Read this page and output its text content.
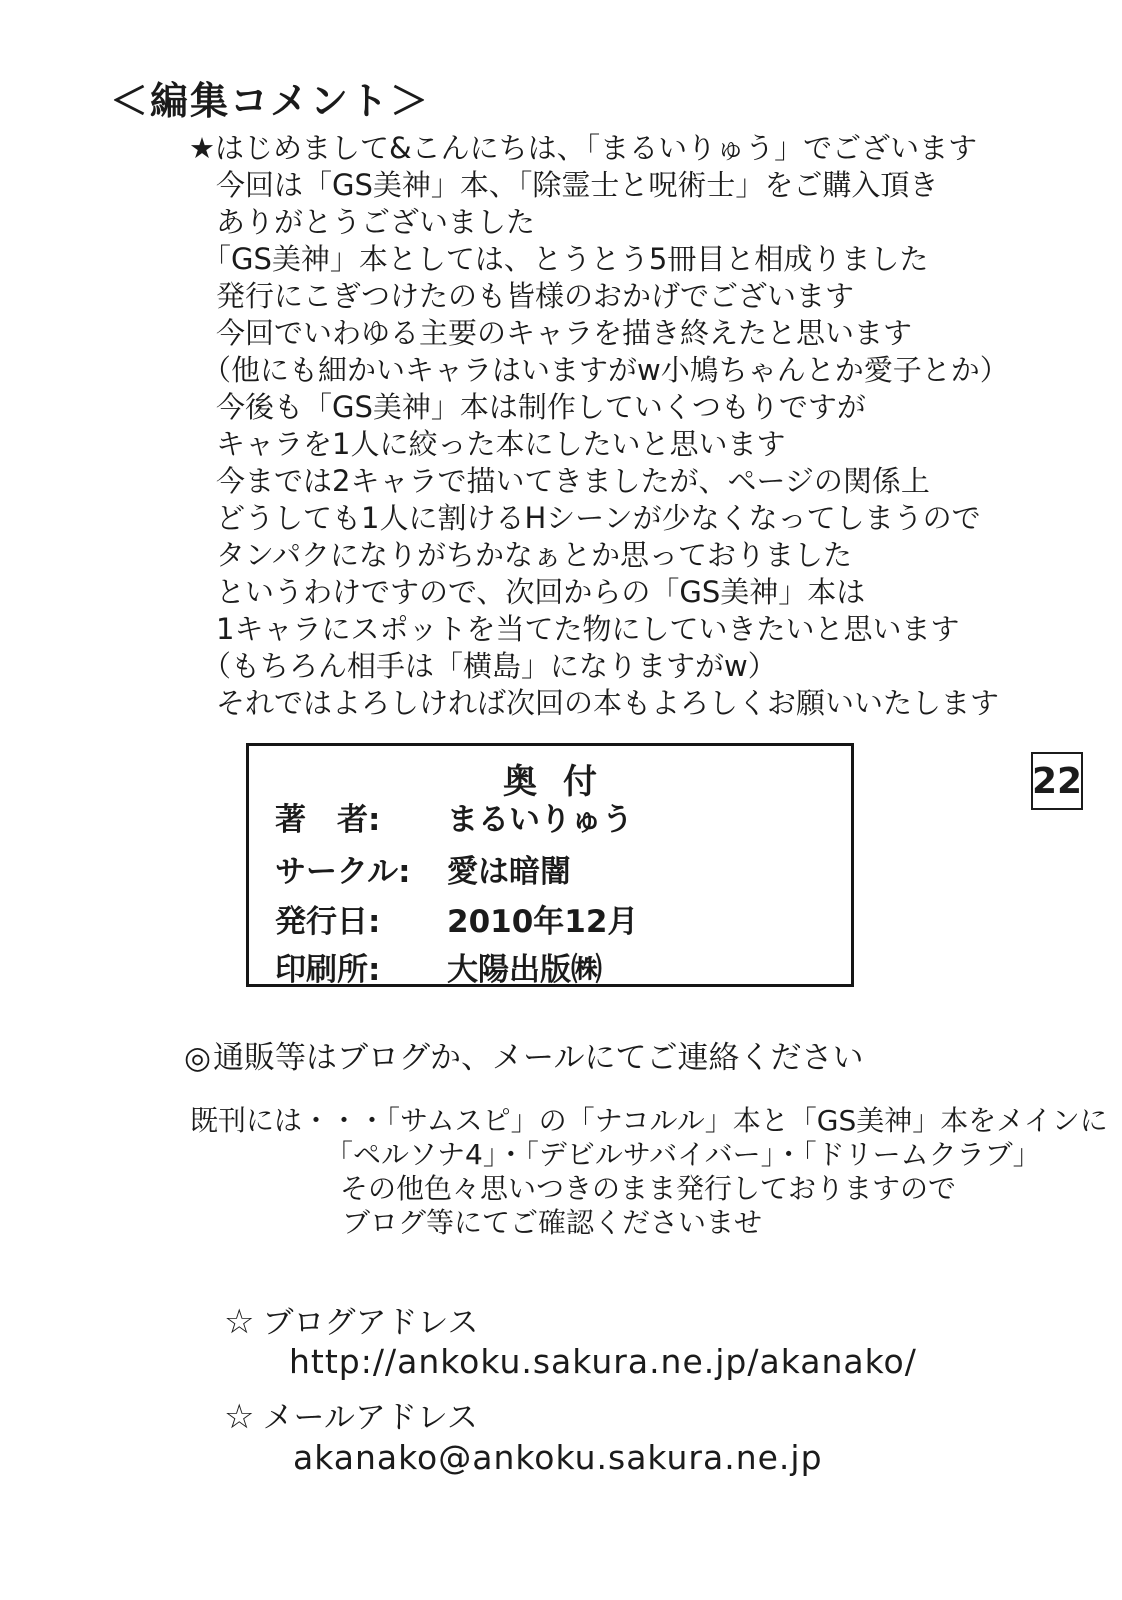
＜編集コメント＞
★はじめまして&こんにちは、「まるいりゅう」でございます
今回は「GS美神」本、「除霊士と呪術士」をご購入頂き
ありがとうございました
「GS美神」本としては、とうとう5冊目と相成りました
発行にこぎつけたのも皆様のおかげでございます
今回でいわゆる主要のキャラを描き終えたと思います
（他にも細かいキャラはいますがw小鳩ちゃんとか愛子とか）
今後も「GS美神」本は制作していくつもりですが
キャラを1人に絞った本にしたいと思います
今までは2キャラで描いてきましたが、ページの関係上
どうしても1人に割けるHシーンが少なくなってしまうので
タンパクになりがちかなぁとか思っておりました
というわけですので、次回からの「GS美神」本は
1キャラにスポットを当てた物にしていきたいと思います
（もちろん相手は「横島」になりますがw）
それではよろしければ次回の本もよろしくお願いいたします
奥付
著　者: まるいりゅう
サークル: 愛は暗闇
発行日: 2010年12月
印刷所: 大陽出版㈱
22
◎通販等はブログか、メールにてご連絡ください
既刊には・・・「サムスピ」の「ナコルル」本と「GS美神」本をメインに
「ペルソナ4」・「デビルサバイバー」・「ドリームクラブ」
その他色々思いつきのまま発行しておりますので
ブログ等にてご確認くださいませ
☆ ブログアドレス
http://ankoku.sakura.ne.jp/akanako/
☆ メールアドレス
akanako@ankoku.sakura.ne.jp
